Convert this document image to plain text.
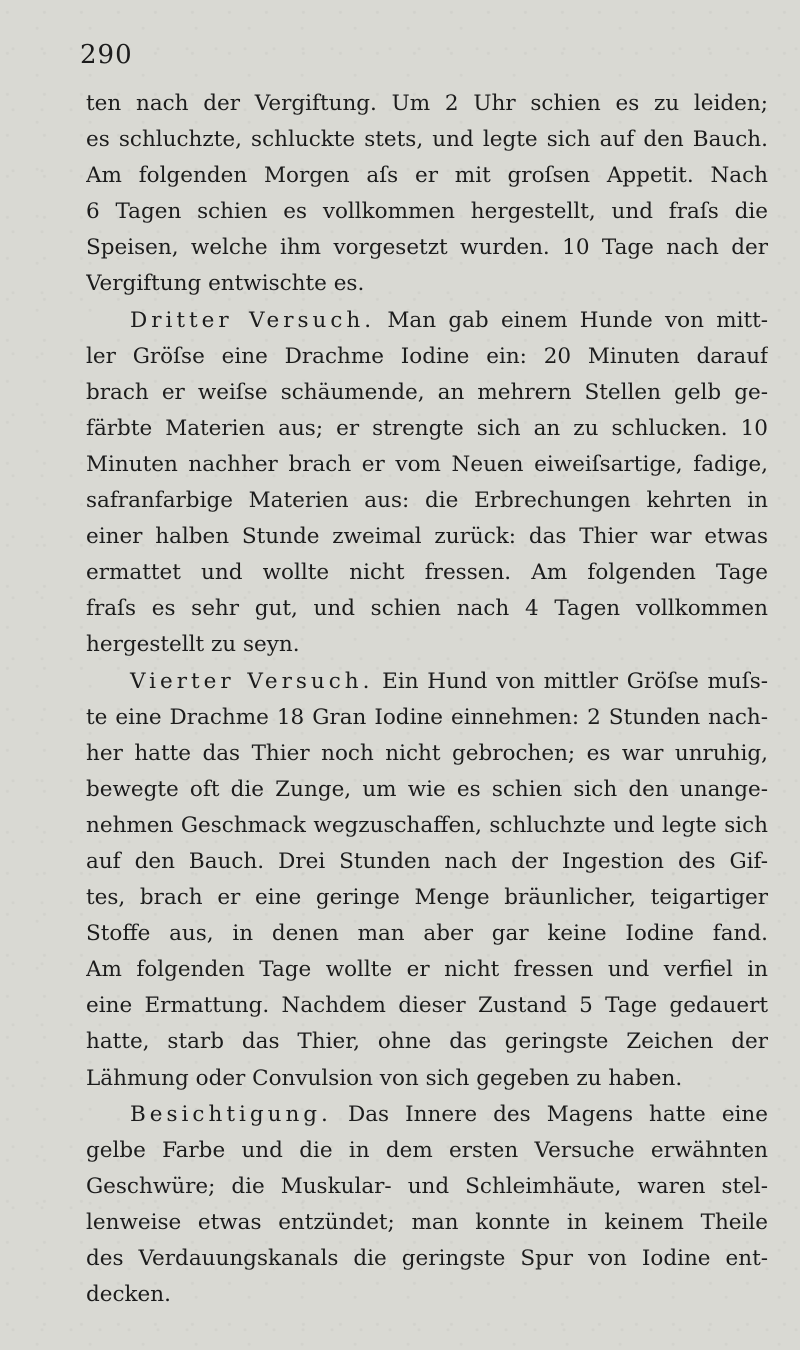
290
ten nach der Vergiftung. Um 2 Uhr schien es zu leiden;
es schluchzte, schluckte stets, und legte sich auf den Bauch.
Am folgenden Morgen aſs er mit groſsen Appetit. Nach
6 Tagen schien es vollkommen hergestellt, und fraſs die
Speisen, welche ihm vorgesetzt wurden. 10 Tage nach der
Vergiftung entwischte es.
Dritter Versuch. Man gab einem Hunde von mitt-
ler Gröſse eine Drachme Iodine ein: 20 Minuten darauf
brach er weiſse schäumende, an mehrern Stellen gelb ge-
färbte Materien aus; er strengte sich an zu schlucken. 10
Minuten nachher brach er vom Neuen eiweiſsartige, fadige,
safranfarbige Materien aus: die Erbrechungen kehrten in
einer halben Stunde zweimal zurück: das Thier war etwas
ermattet und wollte nicht fressen. Am folgenden Tage
fraſs es sehr gut, und schien nach 4 Tagen vollkommen
hergestellt zu seyn.
Vierter Versuch. Ein Hund von mittler Gröſse muſs-
te eine Drachme 18 Gran Iodine einnehmen: 2 Stunden nach-
her hatte das Thier noch nicht gebrochen; es war unruhig,
bewegte oft die Zunge, um wie es schien sich den unange-
nehmen Geschmack wegzuschaffen, schluchzte und legte sich
auf den Bauch. Drei Stunden nach der Ingestion des Gif-
tes, brach er eine geringe Menge bräunlicher, teigartiger
Stoffe aus, in denen man aber gar keine Iodine fand.
Am folgenden Tage wollte er nicht fressen und verfiel in
eine Ermattung. Nachdem dieser Zustand 5 Tage gedauert
hatte, starb das Thier, ohne das geringste Zeichen der
Lähmung oder Convulsion von sich gegeben zu haben.
Besichtigung. Das Innere des Magens hatte eine
gelbe Farbe und die in dem ersten Versuche erwähnten
Geschwüre; die Muskular- und Schleimhäute, waren stel-
lenweise etwas entzündet; man konnte in keinem Theile
des Verdauungskanals die geringste Spur von Iodine ent-
decken.
